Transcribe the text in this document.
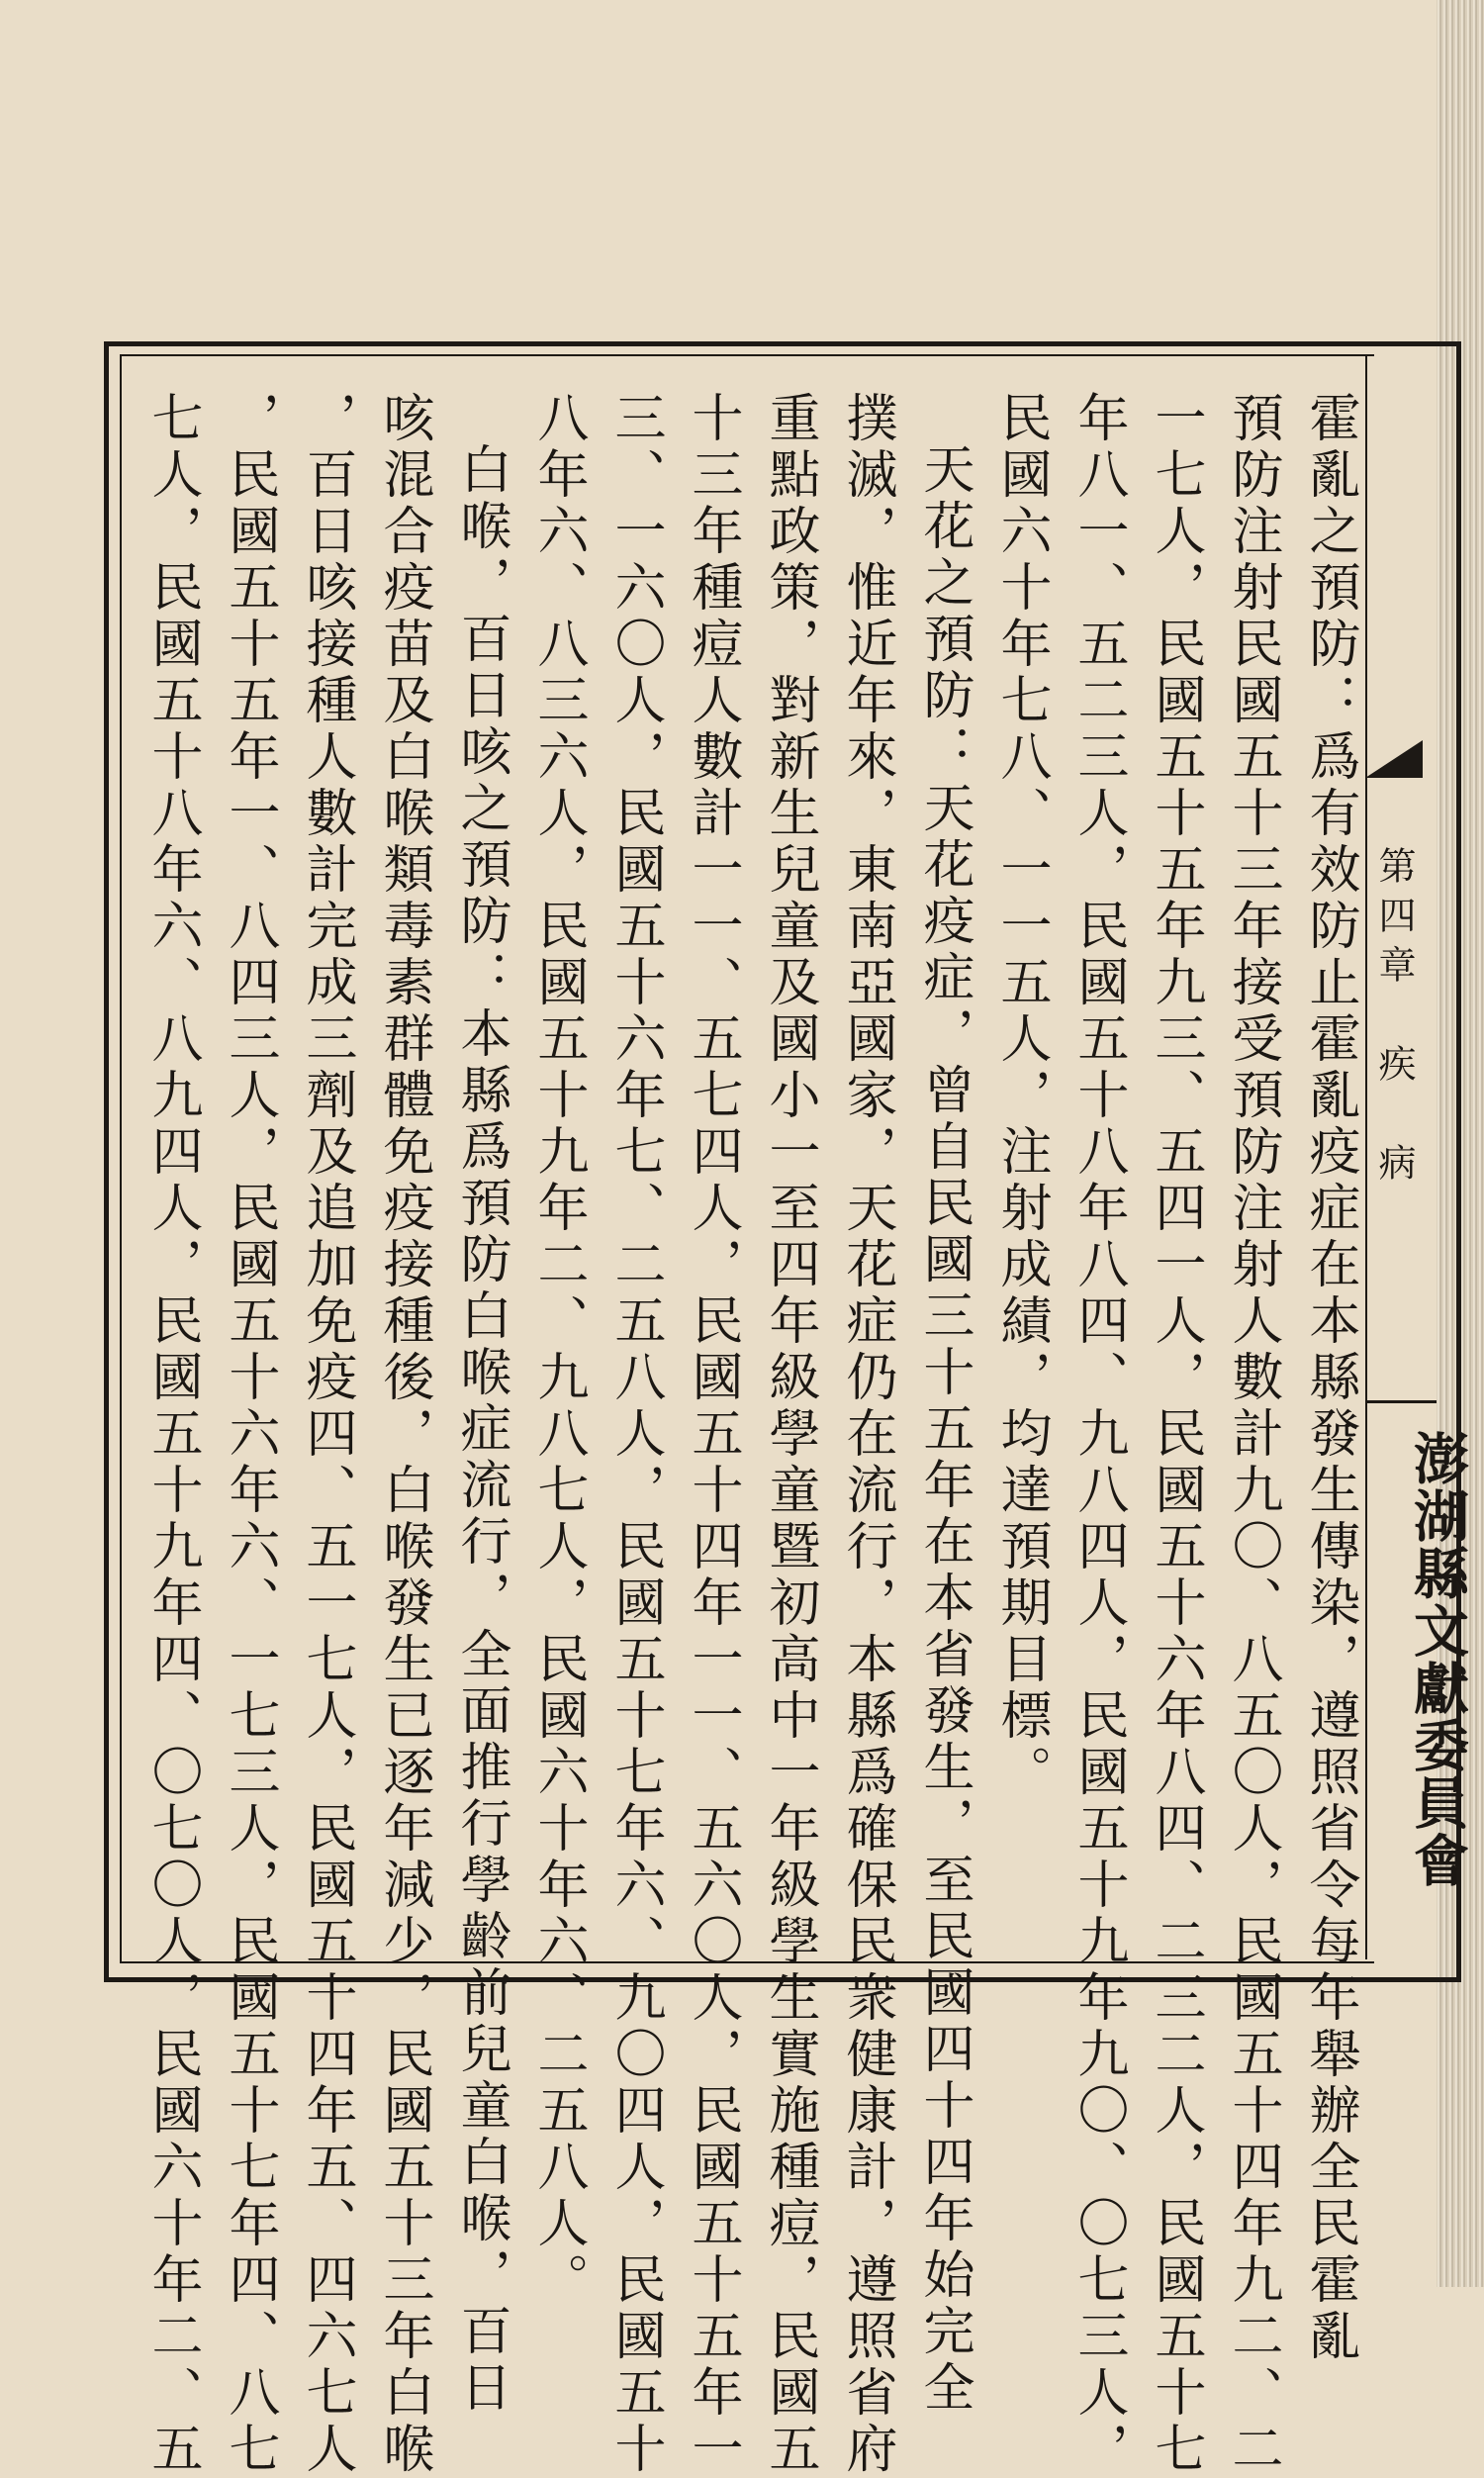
第四章　疾　病
澎湖縣文獻委員會
霍亂之預防：爲有效防止霍亂疫症在本縣發生傳染，遵照省令每年舉辦全民霍亂
預防注射民國五十三年接受預防注射人數計九〇、八五〇人，民國五十四年九二、二
一七人，民國五十五年九三、五四一人，民國五十六年八四、二三二人，民國五十七
年八一、五二三人，民國五十八年八四、九八四人，民國五十九年九〇、〇七三人，
民國六十年七八、一一五人，注射成績，均達預期目標。
天花之預防：天花疫症，曾自民國三十五年在本省發生，至民國四十四年始完全
撲滅，惟近年來，東南亞國家，天花症仍在流行，本縣爲確保民衆健康計，遵照省府
重點政策，對新生兒童及國小一至四年級學童暨初高中一年級學生實施種痘，民國五
十三年種痘人數計一一、五七四人，民國五十四年一一、五六〇人，民國五十五年一
三、一六〇人，民國五十六年七、二五八人，民國五十七年六、九〇四人，民國五十
八年六、八三六人，民國五十九年二、九八七人，民國六十年六、二五八人。
白喉，百日咳之預防：本縣爲預防白喉症流行，全面推行學齡前兒童白喉，百日
咳混合疫苗及白喉類毒素群體免疫接種後，白喉發生已逐年減少，民國五十三年白喉
，百日咳接種人數計完成三劑及追加免疫四、五一七人，民國五十四年五、四六七人
，民國五十五年一、八四三人，民國五十六年六、一七三人，民國五十七年四、八七
七人，民國五十八年六、八九四人，民國五十九年四、〇七〇人，民國六十年二、五
